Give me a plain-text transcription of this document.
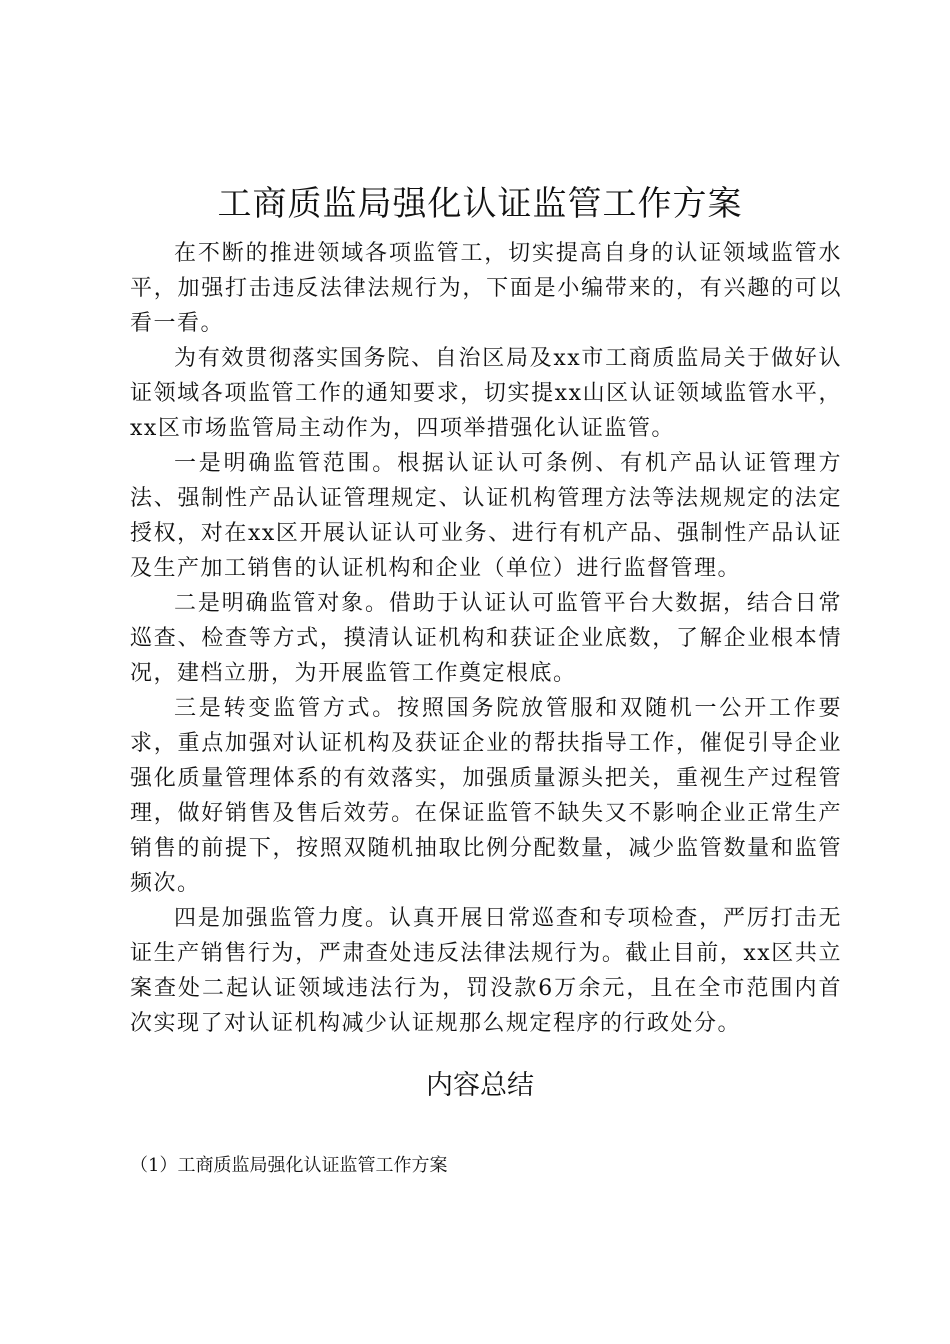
工商质监局强化认证监管工作方案

在不断的推进领域各项监管工，切实提高自身的认证领域监管水平，加强打击违反法律法规行为，下面是小编带来的，有兴趣的可以看一看。

为有效贯彻落实国务院、自治区局及xx市工商质监局关于做好认证领域各项监管工作的通知要求，切实提xx山区认证领域监管水平，xx区市场监管局主动作为，四项举措强化认证监管。

一是明确监管范围。根据认证认可条例、有机产品认证管理方法、强制性产品认证管理规定、认证机构管理方法等法规规定的法定授权，对在xx区开展认证认可业务、进行有机产品、强制性产品认证及生产加工销售的认证机构和企业（单位）进行监督管理。

二是明确监管对象。借助于认证认可监管平台大数据，结合日常巡查、检查等方式，摸清认证机构和获证企业底数，了解企业根本情况，建档立册，为开展监管工作奠定根底。

三是转变监管方式。按照国务院放管服和双随机一公开工作要求，重点加强对认证机构及获证企业的帮扶指导工作，催促引导企业强化质量管理体系的有效落实，加强质量源头把关，重视生产过程管理，做好销售及售后效劳。在保证监管不缺失又不影响企业正常生产销售的前提下，按照双随机抽取比例分配数量，减少监管数量和监管频次。

四是加强监管力度。认真开展日常巡查和专项检查，严厉打击无证生产销售行为，严肃查处违反法律法规行为。截止目前，xx区共立案查处二起认证领域违法行为，罚没款6万余元，且在全市范围内首次实现了对认证机构减少认证规那么规定程序的行政处分。

内容总结

（1）工商质监局强化认证监管工作方案
